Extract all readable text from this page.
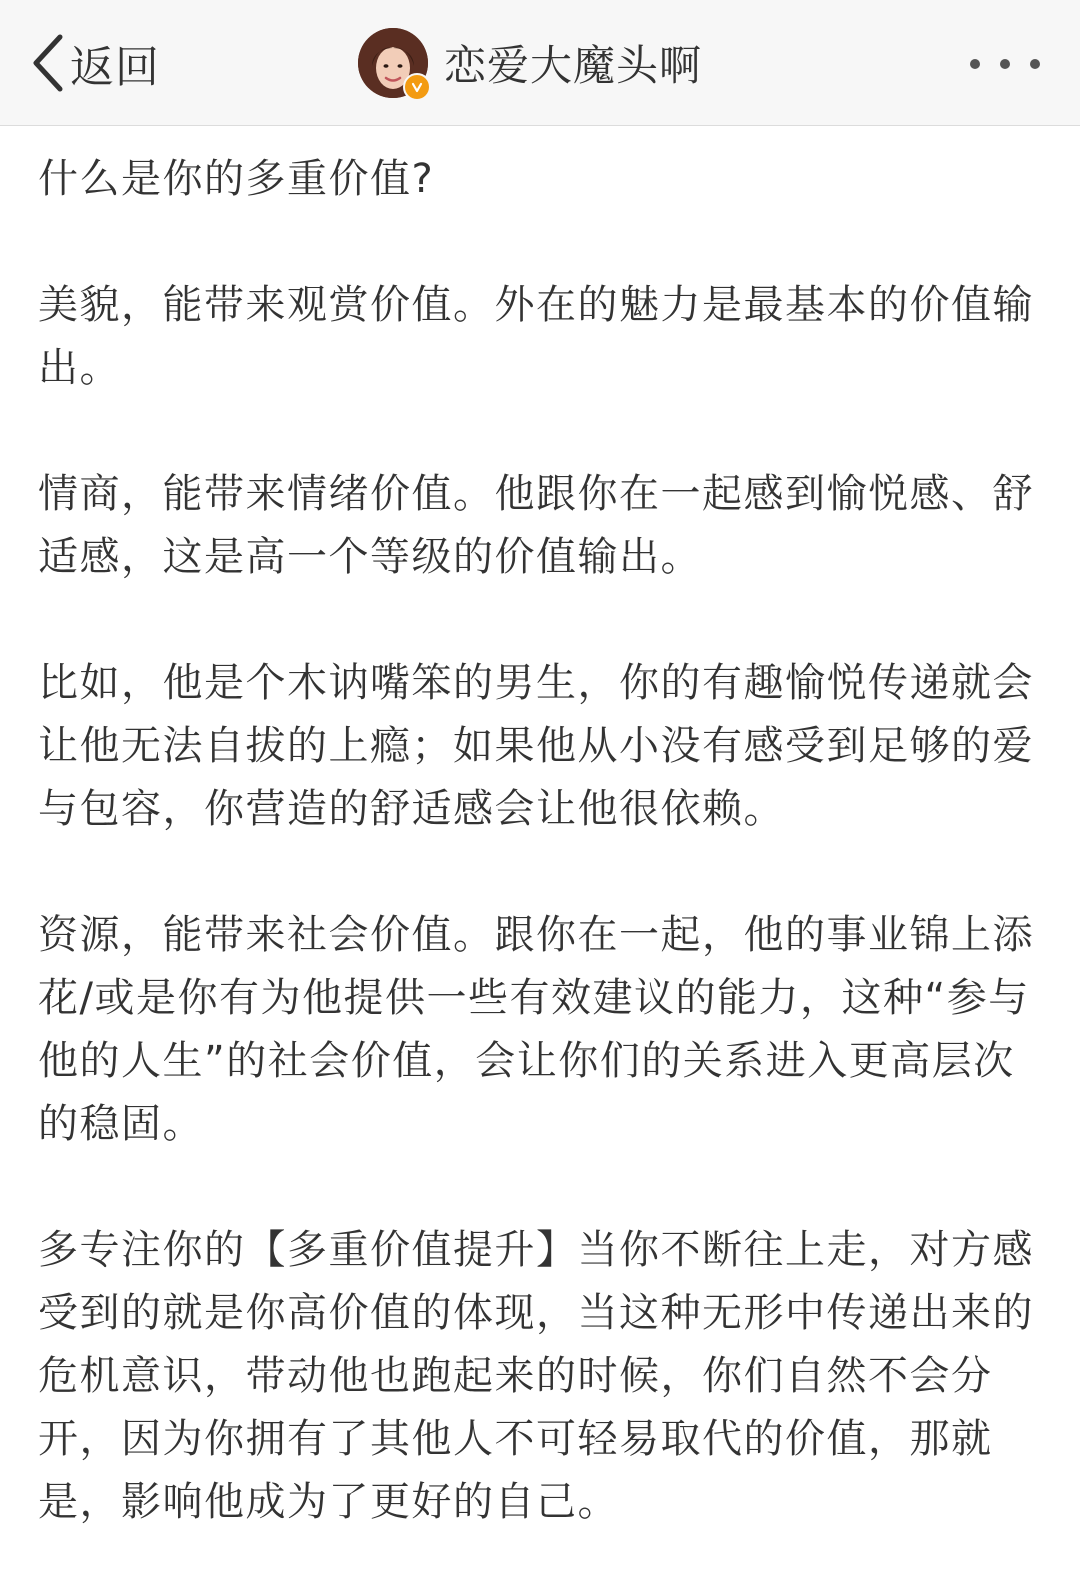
返回	恋爱大魔头啊

什么是你的多重价值?

美貌，能带来观赏价值。外在的魅力是最基本的价值输出。

情商，能带来情绪价值。他跟你在一起感到愉悦感、舒适感，这是高一个等级的价值输出。

比如，他是个木讷嘴笨的男生，你的有趣愉悦传递就会让他无法自拔的上瘾；如果他从小没有感受到足够的爱与包容，你营造的舒适感会让他很依赖。

资源，能带来社会价值。跟你在一起，他的事业锦上添花/或是你有为他提供一些有效建议的能力，这种“参与他的人生”的社会价值，会让你们的关系进入更高层次的稳固。

多专注你的【多重价值提升】当你不断往上走，对方感受到的就是你高价值的体现，当这种无形中传递出来的危机意识，带动他也跑起来的时候，你们自然不会分开，因为你拥有了其他人不可轻易取代的价值，那就是，影响他成为了更好的自己。
